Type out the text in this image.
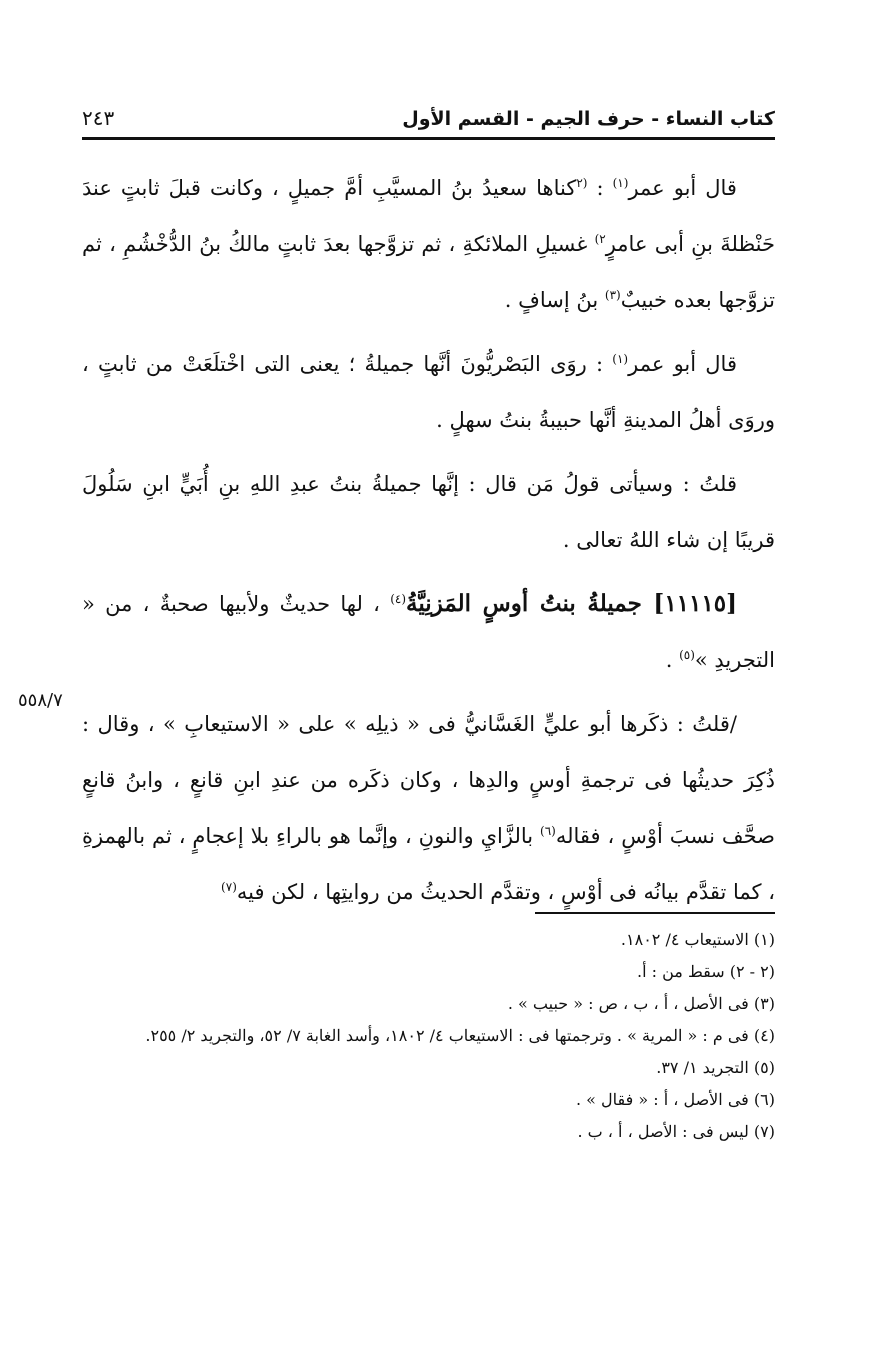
كتاب النساء - حرف الجيم - القسم الأول
٢٤٣

قال أبو عمر$^{(١)}$ : $^{(٢}$كناها سعيدُ بنُ المسيَّبِ أمَّ جميلٍ ، وكانت قبلَ ثابتٍ عندَ حَنْظلةَ بنِ أبى عامرٍ$^{٢)}$ غسيلِ الملائكةِ ، ثم تزوَّجها بعدَ ثابتٍ مالكُ بنُ الدُّخْشُمِ ، ثم تزوَّجها بعده خبيبٌ$^{(٣)}$ بنُ إسافٍ .

قال أبو عمر$^{(١)}$ : روَى البَصْريُّونَ أنَّها جميلةُ ؛ يعنى التى اخْتلَعَتْ من ثابتٍ ، وروَى أهلُ المدينةِ أنَّها حبيبةُ بنتُ سهلٍ .

قلتُ : وسيأتى قولُ مَن قال : إنَّها جميلةُ بنتُ عبدِ اللهِ بنِ أُبَيٍّ ابنِ سَلُولَ قريبًا إن شاء اللهُ تعالى .

[١١١١٥] جميلةُ بنتُ أوسٍ المَزنِيَّةُ$^{(٤)}$ ، لها حديثٌ ولأبيها صحبةٌ ، من « التجريدِ »$^{(٥)}$ .

/قلتُ : ذكَرها أبو عليٍّ الغَسَّانيُّ فى « ذيلِه » على « الاستيعابِ » ، وقال : ذُكِرَ حديثُها فى ترجمةِ أوسٍ والدِها ، وكان ذكَره من عندِ ابنِ قانعٍ ، وابنُ قانعٍ صحَّف نسبَ أوْسٍ ، فقاله$^{(٦)}$ بالزَّايِ والنونِ ، وإنَّما هو بالراءِ بلا إعجامٍ ، ثم بالهمزةِ ، كما تقدَّم بيانُه فى أوْسٍ ، وتقدَّم الحديثُ من روايتِها ، لكن فيه$^{(٧)}$

٥٥٨/٧
(١) الاستيعاب ٤/ ١٨٠٢.
(٢ - ٢) سقط من : أ.
(٣) فى الأصل ، أ ، ب ، ص : « حبيب » .
(٤) فى م : « المرية » . وترجمتها فى : الاستيعاب ٤/ ١٨٠٢، وأسد الغابة ٧/ ٥٢، والتجريد ٢/ ٢٥٥.
(٥) التجريد ١/ ٣٧.
(٦) فى الأصل ، أ : « فقال » .
(٧) ليس فى : الأصل ، أ ، ب .
